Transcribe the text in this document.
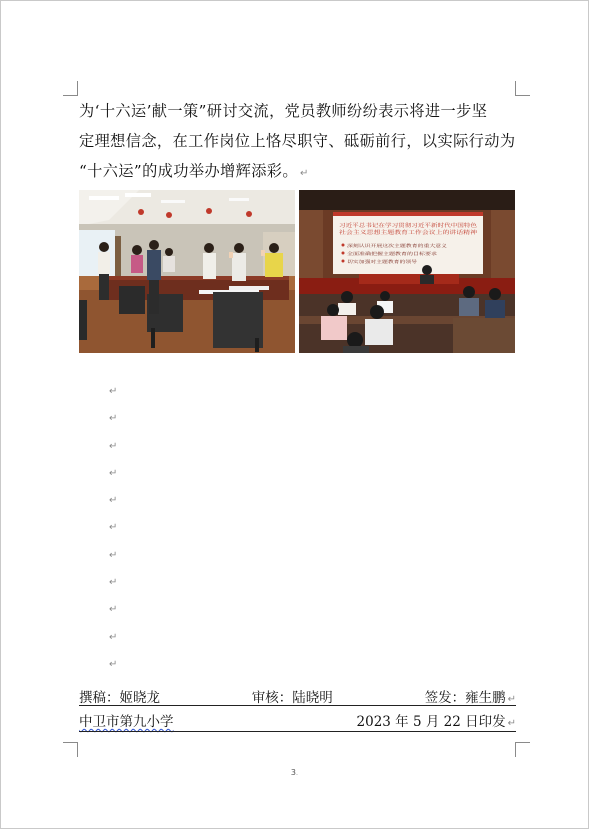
为‘十六运’献一策”研讨交流，党员教师纷纷表示将进一步坚

定理想信念，在工作岗位上恪尽职守、砥砺前行，以实际行动为

“十六运”的成功举办增辉添彩。 ↵

习近平总书记在学习贯彻习近平新时代中国特色
社会主义思想主题教育工作会议上的讲话精神
深刻认识开展这次主题教育的重大意义
全面准确把握主题教育的目标要求
切实加强对主题教育的领导
↵
↵
↵
↵
↵
↵
↵
↵
↵
↵
↵
撰稿：姬晓龙	审核：陆晓明	签发：雍生鹏 ↵
中卫市第九小学	2023 年 5 月 22 日印发 ↵
3.
